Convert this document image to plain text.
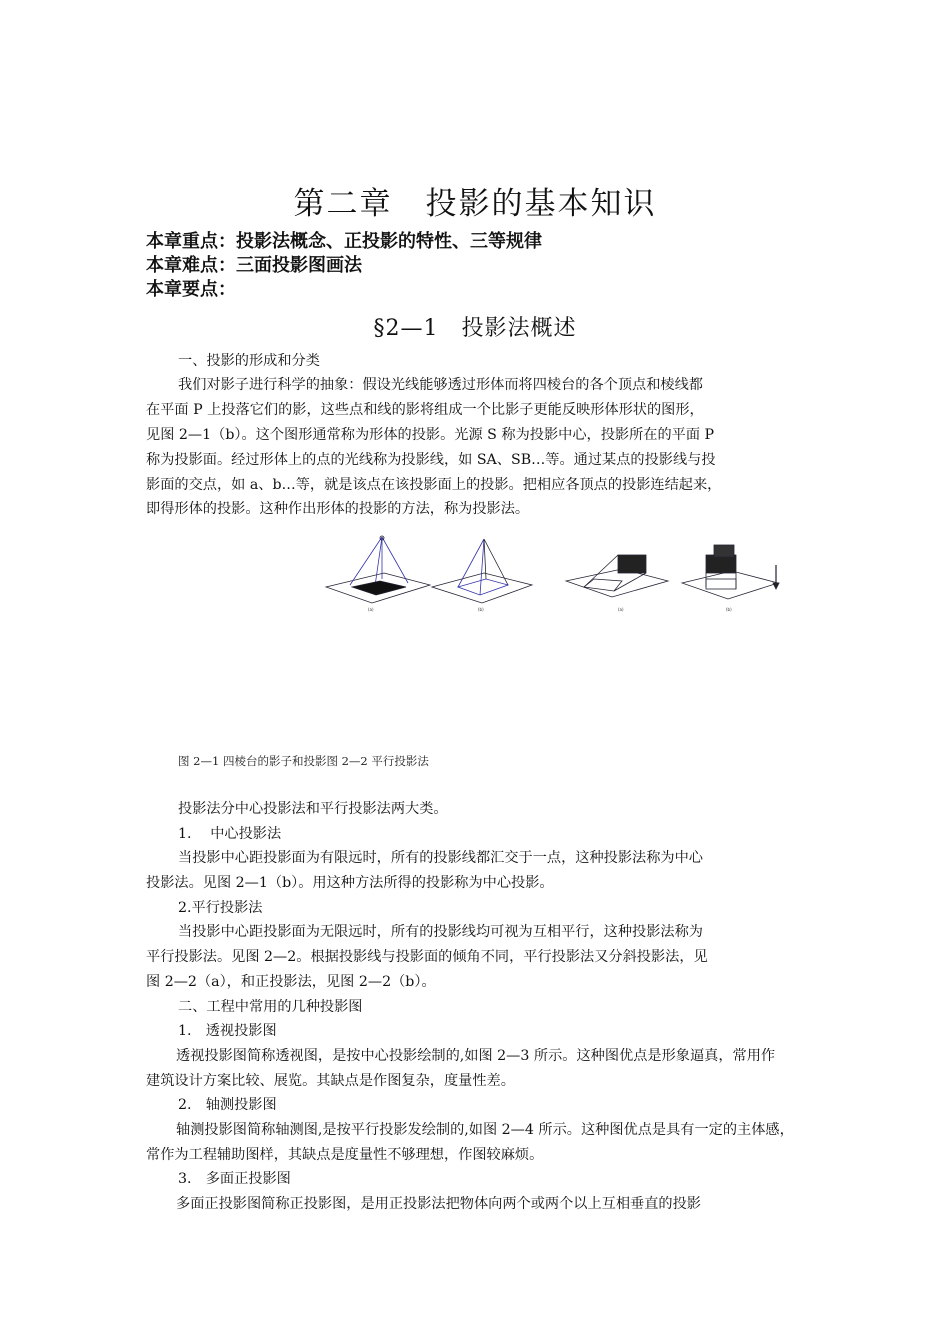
第二章　投影的基本知识
本章重点：投影法概念、正投影的特性、三等规律
本章难点：三面投影图画法
本章要点：
§2—1　投影法概述
一、投影的形成和分类
我们对影子进行科学的抽象：假设光线能够透过形体而将四棱台的各个顶点和棱线都
在平面 P 上投落它们的影，这些点和线的影将组成一个比影子更能反映形体形状的图形，
见图 2—1（b）。这个图形通常称为形体的投影。光源 S 称为投影中心，投影所在的平面 P
称为投影面。经过形体上的点的光线称为投影线，如 SA、SB…等。通过某点的投影线与投
影面的交点，如 a、b…等，就是该点在该投影面上的投影。把相应各顶点的投影连结起来，
即得形体的投影。这种作出形体的投影的方法，称为投影法。
(a)	(b)	(a)	(b)
图 2—1 四棱台的影子和投影图 2—2 平行投影法
投影法分中心投影法和平行投影法两大类。
1.　 中心投影法
当投影中心距投影面为有限远时，所有的投影线都汇交于一点，这种投影法称为中心
投影法。见图 2—1（b）。用这种方法所得的投影称为中心投影。
2.平行投影法
当投影中心距投影面为无限远时，所有的投影线均可视为互相平行，这种投影法称为
平行投影法。见图 2—2。根据投影线与投影面的倾角不同，平行投影法又分斜投影法，见
图 2—2（a），和正投影法，见图 2—2（b）。
二、工程中常用的几种投影图
1.　透视投影图
透视投影图简称透视图，是按中心投影绘制的,如图 2—3 所示。这种图优点是形象逼真，常用作
建筑设计方案比较、展览。其缺点是作图复杂，度量性差。
2.　轴测投影图
轴测投影图简称轴测图,是按平行投影发绘制的,如图 2—4 所示。这种图优点是具有一定的主体感，
常作为工程辅助图样，其缺点是度量性不够理想，作图较麻烦。
3.　多面正投影图
多面正投影图简称正投影图，是用正投影法把物体向两个或两个以上互相垂直的投影
